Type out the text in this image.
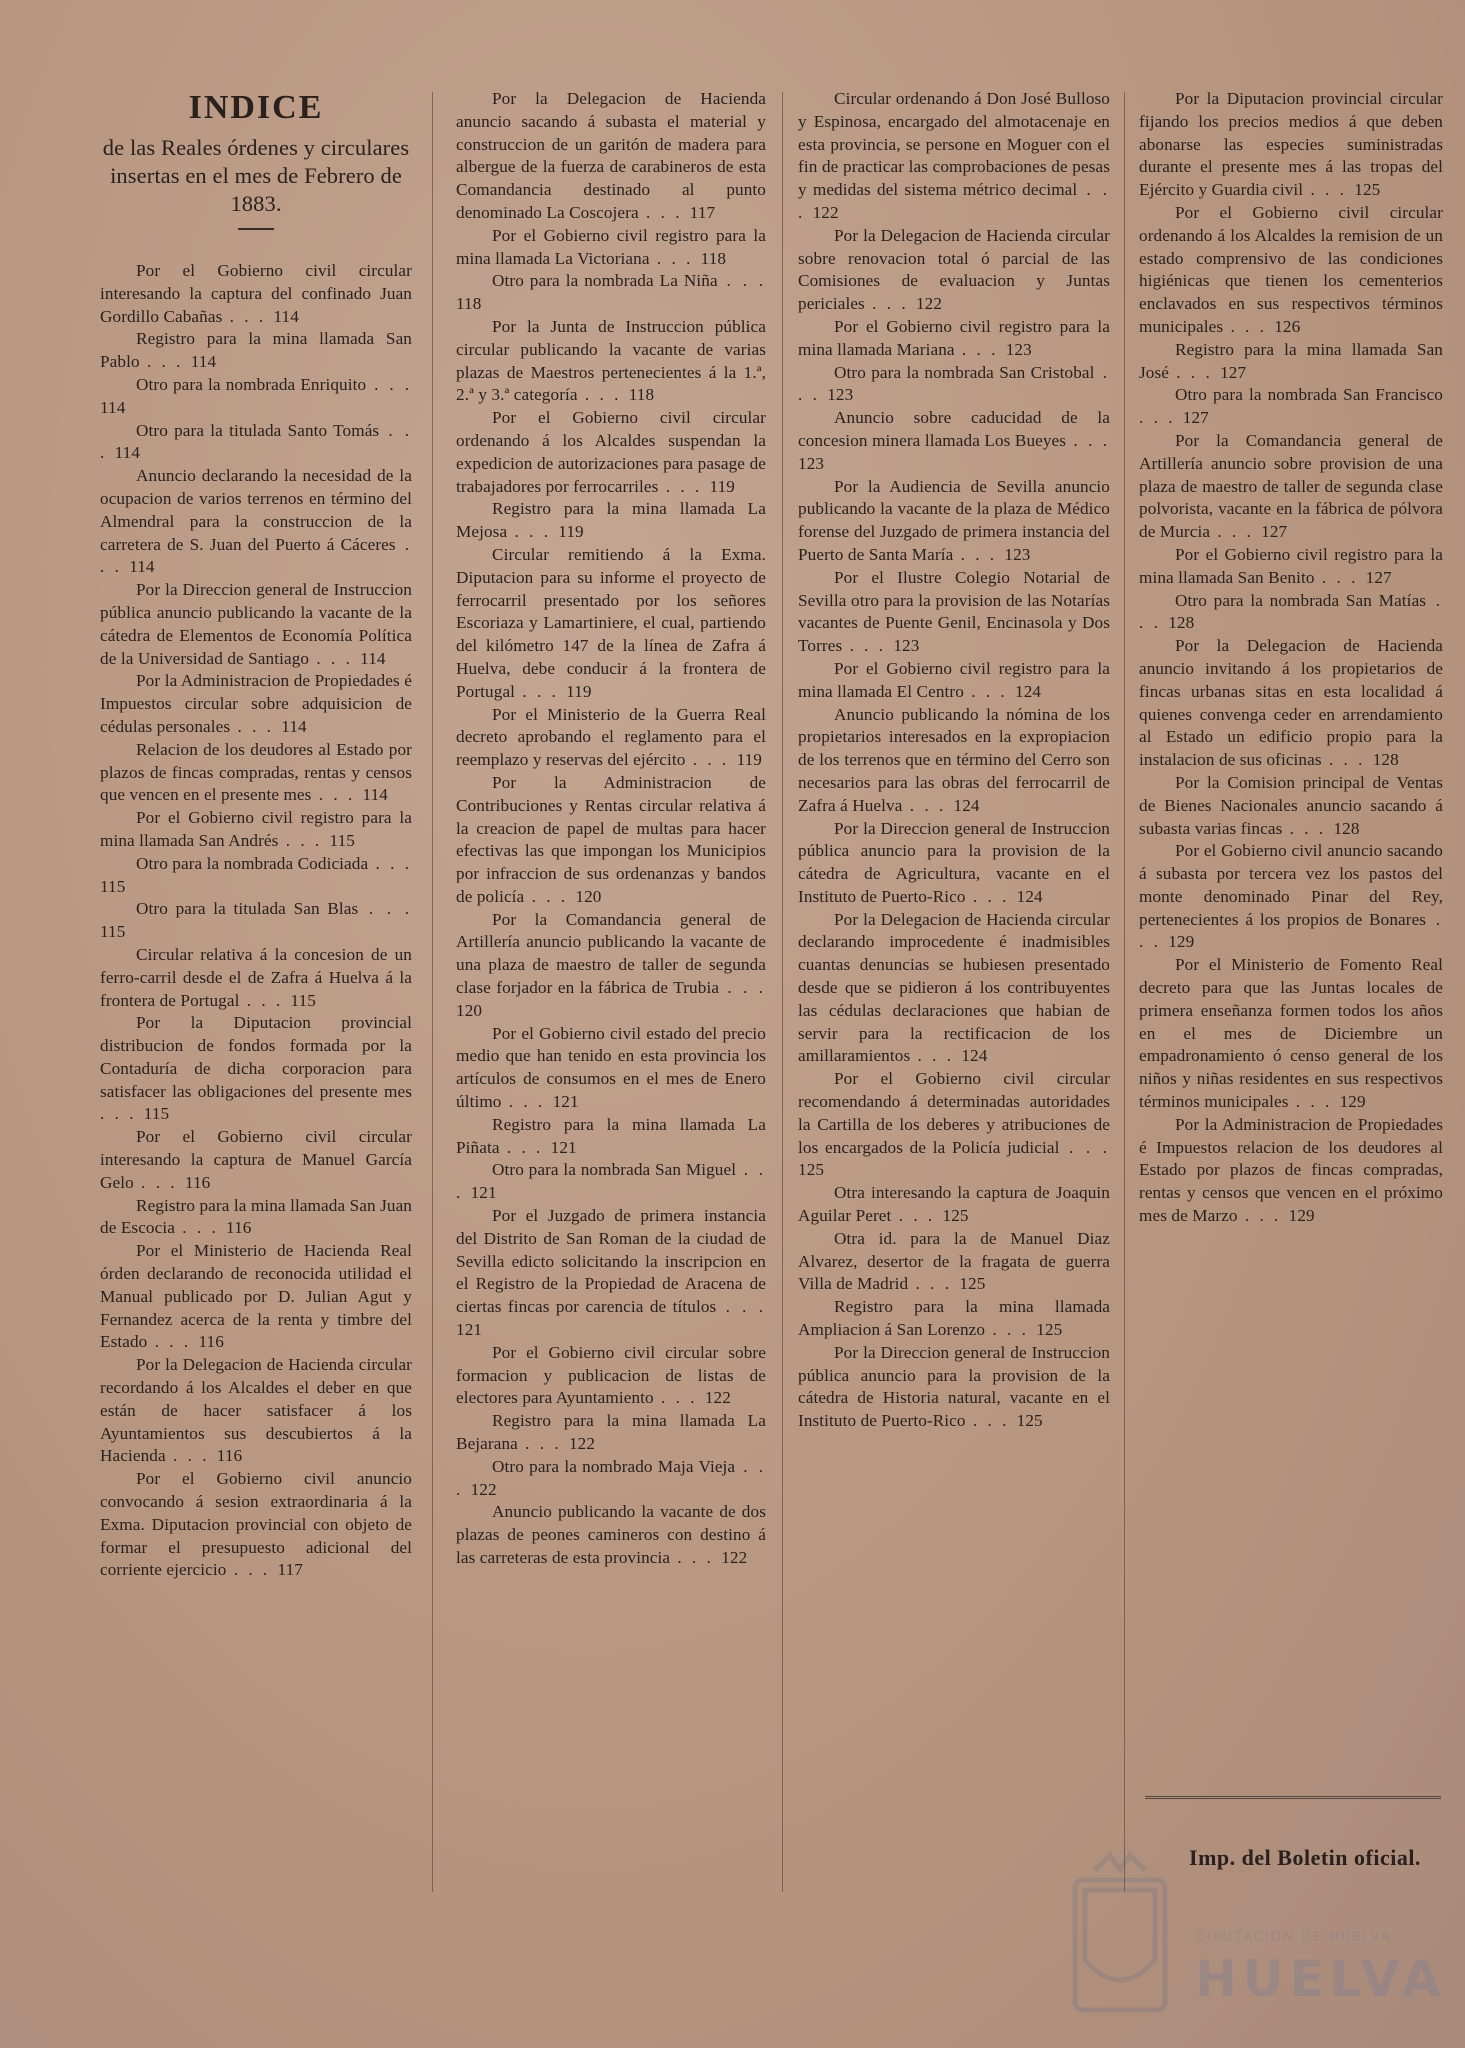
INDICE
de las Reales órdenes y circulares insertas en el mes de Febrero de 1883.

Por el Gobierno civil circular interesando la captura del confinado Juan Gordillo Cabañas . . . 114

Registro para la mina llamada San Pablo . . . 114

Otro para la nombrada Enriquito . . . 114

Otro para la titulada Santo Tomás . . . 114

Anuncio declarando la necesidad de la ocupacion de varios terrenos en término del Almendral para la construccion de la carretera de S. Juan del Puerto á Cáceres . . . 114

Por la Direccion general de Instruccion pública anuncio publicando la vacante de la cátedra de Elementos de Economía Política de la Universidad de Santiago . . . 114

Por la Administracion de Propiedades é Impuestos circular sobre adquisicion de cédulas personales . . . 114

Relacion de los deudores al Estado por plazos de fincas compradas, rentas y censos que vencen en el presente mes . . . 114

Por el Gobierno civil registro para la mina llamada San Andrés . . . 115

Otro para la nombrada Codiciada . . . 115

Otro para la titulada San Blas . . . 115

Circular relativa á la concesion de un ferro-carril desde el de Zafra á Huelva á la frontera de Portugal . . . 115

Por la Diputacion provincial distribucion de fondos formada por la Contaduría de dicha corporacion para satisfacer las obligaciones del presente mes . . . 115

Por el Gobierno civil circular interesando la captura de Manuel García Gelo . . . 116

Registro para la mina llamada San Juan de Escocia . . . 116

Por el Ministerio de Hacienda Real órden declarando de reconocida utilidad el Manual publicado por D. Julian Agut y Fernandez acerca de la renta y timbre del Estado . . . 116

Por la Delegacion de Hacienda circular recordando á los Alcaldes el deber en que están de hacer satisfacer á los Ayuntamientos sus descubiertos á la Hacienda . . . 116

Por el Gobierno civil anuncio convocando á sesion extraordinaria á la Exma. Diputacion provincial con objeto de formar el presupuesto adicional del corriente ejercicio . . . 117

Por la Delegacion de Hacienda anuncio sacando á subasta el material y construccion de un garitón de madera para albergue de la fuerza de carabineros de esta Comandancia destinado al punto denominado La Coscojera . . . 117

Por el Gobierno civil registro para la mina llamada La Victoriana . . . 118

Otro para la nombrada La Niña . . . 118

Por la Junta de Instruccion pública circular publicando la vacante de varias plazas de Maestros pertenecientes á la 1.ª, 2.ª y 3.ª categoría . . . 118

Por el Gobierno civil circular ordenando á los Alcaldes suspendan la expedicion de autorizaciones para pasage de trabajadores por ferrocarriles . . . 119

Registro para la mina llamada La Mejosa . . . 119

Circular remitiendo á la Exma. Diputacion para su informe el proyecto de ferrocarril presentado por los señores Escoriaza y Lamartiniere, el cual, partiendo del kilómetro 147 de la línea de Zafra á Huelva, debe conducir á la frontera de Portugal . . . 119

Por el Ministerio de la Guerra Real decreto aprobando el reglamento para el reemplazo y reservas del ejército . . . 119

Por la Administracion de Contribuciones y Rentas circular relativa á la creacion de papel de multas para hacer efectivas las que impongan los Municipios por infraccion de sus ordenanzas y bandos de policía . . . 120

Por la Comandancia general de Artillería anuncio publicando la vacante de una plaza de maestro de taller de segunda clase forjador en la fábrica de Trubia . . . 120

Por el Gobierno civil estado del precio medio que han tenido en esta provincia los artículos de consumos en el mes de Enero último . . . 121

Registro para la mina llamada La Piñata . . . 121

Otro para la nombrada San Miguel . . . 121

Por el Juzgado de primera instancia del Distrito de San Roman de la ciudad de Sevilla edicto solicitando la inscripcion en el Registro de la Propiedad de Aracena de ciertas fincas por carencia de títulos . . . 121

Por el Gobierno civil circular sobre formacion y publicacion de listas de electores para Ayuntamiento . . . 122

Registro para la mina llamada La Bejarana . . . 122

Otro para la nombrado Maja Vieja . . . 122

Anuncio publicando la vacante de dos plazas de peones camineros con destino á las carreteras de esta provincia . . . 122

Circular ordenando á Don José Bulloso y Espinosa, encargado del almotacenaje en esta provincia, se persone en Moguer con el fin de practicar las comprobaciones de pesas y medidas del sistema métrico decimal . . . 122

Por la Delegacion de Hacienda circular sobre renovacion total ó parcial de las Comisiones de evaluacion y Juntas periciales . . . 122

Por el Gobierno civil registro para la mina llamada Mariana . . . 123

Otro para la nombrada San Cristobal . . . 123

Anuncio sobre caducidad de la concesion minera llamada Los Bueyes . . . 123

Por la Audiencia de Sevilla anuncio publicando la vacante de la plaza de Médico forense del Juzgado de primera instancia del Puerto de Santa María . . . 123

Por el Ilustre Colegio Notarial de Sevilla otro para la provision de las Notarías vacantes de Puente Genil, Encinasola y Dos Torres . . . 123

Por el Gobierno civil registro para la mina llamada El Centro . . . 124

Anuncio publicando la nómina de los propietarios interesados en la expropiacion de los terrenos que en término del Cerro son necesarios para las obras del ferrocarril de Zafra á Huelva . . . 124

Por la Direccion general de Instruccion pública anuncio para la provision de la cátedra de Agricultura, vacante en el Instituto de Puerto-Rico . . . 124

Por la Delegacion de Hacienda circular declarando improcedente é inadmisibles cuantas denuncias se hubiesen presentado desde que se pidieron á los contribuyentes las cédulas declaraciones que habian de servir para la rectificacion de los amillaramientos . . . 124

Por el Gobierno civil circular recomendando á determinadas autoridades la Cartilla de los deberes y atribuciones de los encargados de la Policía judicial . . . 125

Otra interesando la captura de Joaquin Aguilar Peret . . . 125

Otra id. para la de Manuel Diaz Alvarez, desertor de la fragata de guerra Villa de Madrid . . . 125

Registro para la mina llamada Ampliacion á San Lorenzo . . . 125

Por la Direccion general de Instruccion pública anuncio para la provision de la cátedra de Historia natural, vacante en el Instituto de Puerto-Rico . . . 125

Por la Diputacion provincial circular fijando los precios medios á que deben abonarse las especies suministradas durante el presente mes á las tropas del Ejército y Guardia civil . . . 125

Por el Gobierno civil circular ordenando á los Alcaldes la remision de un estado comprensivo de las condiciones higiénicas que tienen los cementerios enclavados en sus respectivos términos municipales . . . 126

Registro para la mina llamada San José . . . 127

Otro para la nombrada San Francisco . . . 127

Por la Comandancia general de Artillería anuncio sobre provision de una plaza de maestro de taller de segunda clase polvorista, vacante en la fábrica de pólvora de Murcia . . . 127

Por el Gobierno civil registro para la mina llamada San Benito . . . 127

Otro para la nombrada San Matías . . . 128

Por la Delegacion de Hacienda anuncio invitando á los propietarios de fincas urbanas sitas en esta localidad á quienes convenga ceder en arrendamiento al Estado un edificio propio para la instalacion de sus oficinas . . . 128

Por la Comision principal de Ventas de Bienes Nacionales anuncio sacando á subasta varias fincas . . . 128

Por el Gobierno civil anuncio sacando á subasta por tercera vez los pastos del monte denominado Pinar del Rey, pertenecientes á los propios de Bonares . . . 129

Por el Ministerio de Fomento Real decreto para que las Juntas locales de primera enseñanza formen todos los años en el mes de Diciembre un empadronamiento ó censo general de los niños y niñas residentes en sus respectivos términos municipales . . . 129

Por la Administracion de Propiedades é Impuestos relacion de los deudores al Estado por plazos de fincas compradas, rentas y censos que vencen en el próximo mes de Marzo . . . 129

Imp. del Boletin oficial.
DIPUTACIÓN DE HUELVA
HUELVA
